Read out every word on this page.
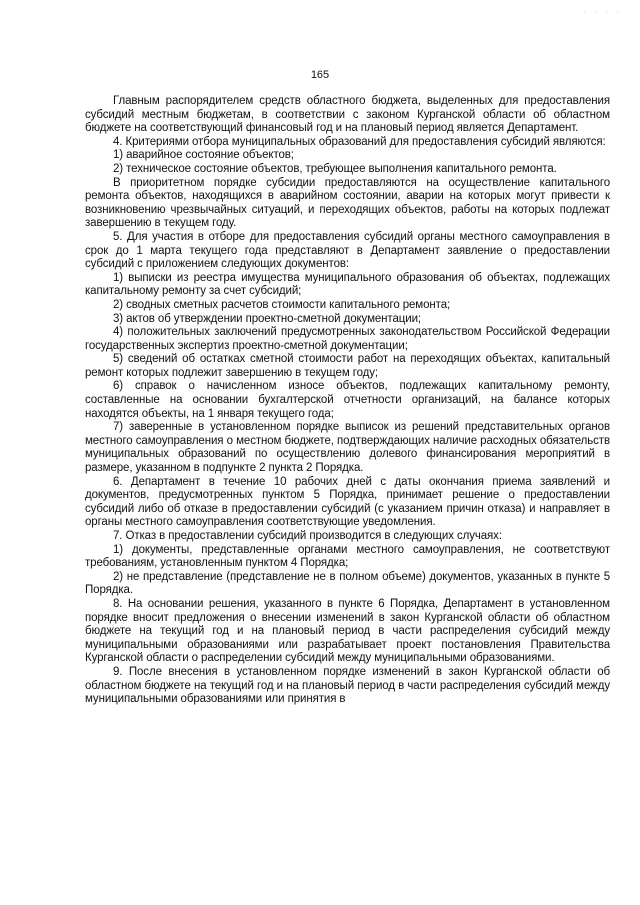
· · · ·
165

Главным распорядителем средств областного бюджета, выделенных для предоставления субсидий местным бюджетам, в соответствии с законом Курганской области об областном бюджете на соответствующий финансовый год и на плановый период является Департамент.

4. Критериями отбора муниципальных образований для предоставления субсидий являются:

1) аварийное состояние объектов;

2) техническое состояние объектов, требующее выполнения капитального ремонта.

В приоритетном порядке субсидии предоставляются на осуществление капитального ремонта объектов, находящихся в аварийном состоянии, аварии на которых могут привести к возникновению чрезвычайных ситуаций, и переходящих объектов, работы на которых подлежат завершению в текущем году.

5. Для участия в отборе для предоставления субсидий органы местного самоуправления в срок до 1 марта текущего года представляют в Департамент заявление о предоставлении субсидий с приложением следующих документов:

1) выписки из реестра имущества муниципального образования об объектах, подлежащих капитальному ремонту за счет субсидий;

2) сводных сметных расчетов стоимости капитального ремонта;

3) актов об утверждении проектно-сметной документации;

4) положительных заключений предусмотренных законодательством Российской Федерации государственных экспертиз проектно-сметной документации;

5) сведений об остатках сметной стоимости работ на переходящих объектах, капитальный ремонт которых подлежит завершению в текущем году;

6) справок о начисленном износе объектов, подлежащих капитальному ремонту, составленные на основании бухгалтерской отчетности организаций, на балансе которых находятся объекты, на 1 января текущего года;

7) заверенные в установленном порядке выписок из решений представительных органов местного самоуправления о местном бюджете, подтверждающих наличие расходных обязательств муниципальных образований по осуществлению долевого финансирования мероприятий в размере, указанном в подпункте 2 пункта 2 Порядка.

6. Департамент в течение 10 рабочих дней с даты окончания приема заявлений и документов, предусмотренных пунктом 5 Порядка, принимает решение о предоставлении субсидий либо об отказе в предоставлении субсидий (с указанием причин отказа) и направляет в органы местного самоуправления соответствующие уведомления.

7. Отказ в предоставлении субсидий производится в следующих случаях:

1) документы, представленные органами местного самоуправления, не соответствуют требованиям, установленным пунктом 4 Порядка;

2) не представление (представление не в полном объеме) документов, указанных в пункте 5 Порядка.

8. На основании решения, указанного в пункте 6 Порядка, Департамент в установленном порядке вносит предложения о внесении изменений в закон Курганской области об областном бюджете на текущий год и на плановый период в части распределения субсидий между муниципальными образованиями или разрабатывает проект постановления Правительства Курганской области о распределении субсидий между муниципальными образованиями.

9. После внесения в установленном порядке изменений в закон Курганской области об областном бюджете на текущий год и на плановый период в части распределения субсидий между муниципальными образованиями или принятия в
